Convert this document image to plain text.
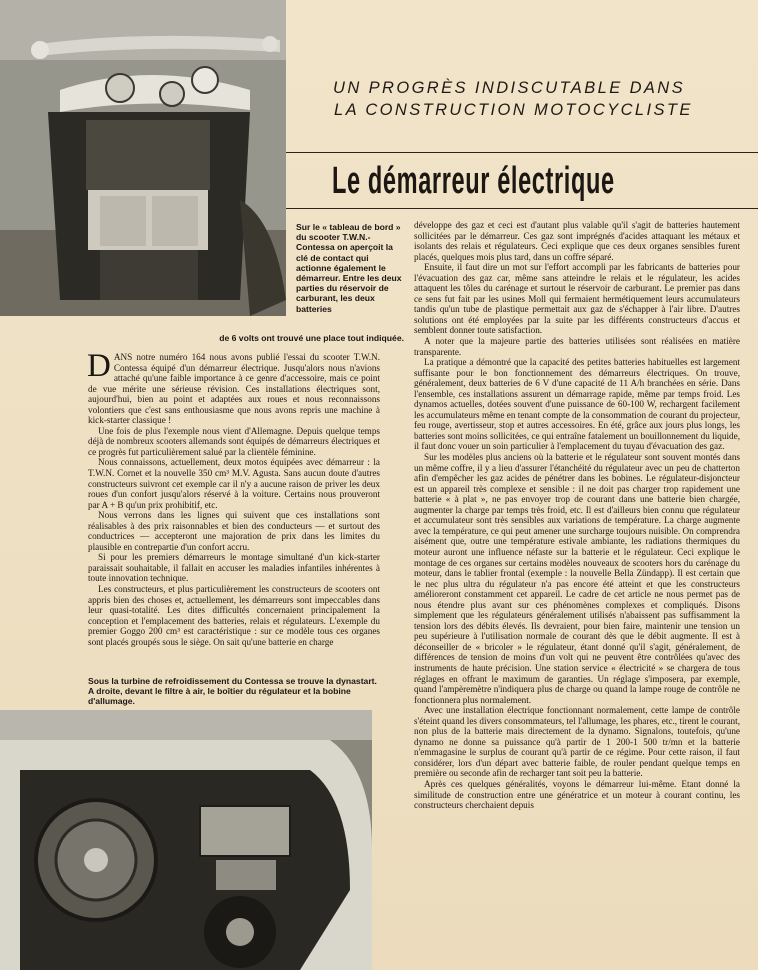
UN PROGRÈS INDISCUTABLE DANS
LA CONSTRUCTION MOTOCYCLISTE
Le démarreur électrique
Sur le « tableau de bord » du scooter T.W.N.-Contessa on aperçoit la clé de contact qui actionne également le démarreur. Entre les deux parties du réservoir de carburant, les deux batteries
de 6 volts ont trouvé une place tout indiquée.

DANS notre numéro 164 nous avons publié l'essai du scooter T.W.N. Contessa équipé d'un démarreur électrique. Jusqu'alors nous n'avions attaché qu'une faible importance à ce genre d'accessoire, mais ce point de vue mérite une sérieuse révision. Ces installations électriques sont, aujourd'hui, bien au point et adaptées aux roues et nous reconnaissons volontiers que c'est sans enthousiasme que nous avons repris une machine à kick-starter classique !

Une fois de plus l'exemple nous vient d'Allemagne. Depuis quelque temps déjà de nombreux scooters allemands sont équipés de démarreurs électriques et ce progrès fut particulièrement salué par la clientèle féminine.

Nous connaissons, actuellement, deux motos équipées avec démarreur : la T.W.N. Cornet et la nouvelle 350 cm³ M.V. Agusta. Sans aucun doute d'autres constructeurs suivront cet exemple car il n'y a aucune raison de priver les deux roues d'un confort jusqu'alors réservé à la voiture. Certains nous prouveront par A + B qu'un prix prohibitif, etc.

Nous verrons dans les lignes qui suivent que ces installations sont réalisables à des prix raisonnables et bien des conducteurs — et surtout des conductrices — accepteront une majoration de prix dans les limites du plausible en contrepartie d'un confort accru.

Si pour les premiers démarreurs le montage simultané d'un kick-starter paraissait souhaitable, il fallait en accuser les maladies infantiles inhérentes à toute innovation technique.

Les constructeurs, et plus particulièrement les constructeurs de scooters ont appris bien des choses et, actuellement, les démarreurs sont impeccables dans leur quasi-totalité. Les dites difficultés concernaient principalement la conception et l'emplacement des batteries, relais et régulateurs. L'exemple du premier Goggo 200 cm³ est caractéristique : sur ce modèle tous ces organes sont placés groupés sous le siège. On sait qu'une batterie en charge

Sous la turbine de refroidissement du Contessa se trouve la dynastart. A droite, devant le filtre à air, le boîtier du régulateur et la bobine d'allumage.

développe des gaz et ceci est d'autant plus valable qu'il s'agit de batteries hautement sollicitées par le démarreur. Ces gaz sont imprégnés d'acides attaquant les métaux et isolants des relais et régulateurs. Ceci explique que ces deux organes sensibles furent placés, quelques mois plus tard, dans un coffre séparé.

Ensuite, il faut dire un mot sur l'effort accompli par les fabricants de batteries pour l'évacuation des gaz car, même sans atteindre le relais et le régulateur, les acides attaquent les tôles du carénage et surtout le réservoir de carburant. Le premier pas dans ce sens fut fait par les usines Moll qui fermaient hermétiquement leurs accumulateurs tandis qu'un tube de plastique permettait aux gaz de s'échapper à l'air libre. D'autres solutions ont été employées par la suite par les différents constructeurs d'accus et semblent donner toute satisfaction.

A noter que la majeure partie des batteries utilisées sont réalisées en matière transparente.

La pratique a démontré que la capacité des petites batteries habituelles est largement suffisante pour le bon fonctionnement des démarreurs électriques. On trouve, généralement, deux batteries de 6 V d'une capacité de 11 A/h branchées en série. Dans l'ensemble, ces installations assurent un démarrage rapide, même par temps froid. Les dynamos actuelles, dotées souvent d'une puissance de 60-100 W, rechargent facilement les accumulateurs même en tenant compte de la consommation de courant du projecteur, feu rouge, avertisseur, stop et autres accessoires. En été, grâce aux jours plus longs, les batteries sont moins sollicitées, ce qui entraîne fatalement un bouillonnement du liquide, il faut donc vouer un soin particulier à l'emplacement du tuyau d'évacuation des gaz.

Sur les modèles plus anciens où la batterie et le régulateur sont souvent montés dans un même coffre, il y a lieu d'assurer l'étanchéité du régulateur avec un peu de chatterton afin d'empêcher les gaz acides de pénétrer dans les bobines. Le régulateur-disjoncteur est un appareil très complexe et sensible : il ne doit pas charger trop rapidement une batterie « à plat », ne pas envoyer trop de courant dans une batterie bien chargée, augmenter la charge par temps très froid, etc. Il est d'ailleurs bien connu que régulateur et accumulateur sont très sensibles aux variations de température. La charge augmente avec la température, ce qui peut amener une surcharge toujours nuisible. On comprendra aisément que, outre une température estivale ambiante, les radiations thermiques du moteur auront une influence néfaste sur la batterie et le régulateur. Ceci explique le montage de ces organes sur certains modèles nouveaux de scooters hors du carénage du moteur, dans le tablier frontal (exemple : la nouvelle Bella Zündapp). Il est certain que le nec plus ultra du régulateur n'a pas encore été atteint et que les constructeurs amélioreront constamment cet appareil. Le cadre de cet article ne nous permet pas de nous étendre plus avant sur ces phénomènes complexes et compliqués. Disons simplement que les régulateurs généralement utilisés n'abaissent pas suffisamment la tension lors des débits élevés. Ils devraient, pour bien faire, maintenir une tension un peu supérieure à l'utilisation normale de courant dès que le débit augmente. Il est à déconseiller de « bricoler » le régulateur, étant donné qu'il s'agit, généralement, de différences de tension de moins d'un volt qui ne peuvent être contrôlées qu'avec des instruments de haute précision. Une station service « électricité » se chargera de tous réglages en offrant le maximum de garanties. Un réglage s'imposera, par exemple, quand l'ampèremètre n'indiquera plus de charge ou quand la lampe rouge de contrôle ne fonctionnera plus normalement.

Avec une installation électrique fonctionnant normalement, cette lampe de contrôle s'éteint quand les divers consommateurs, tel l'allumage, les phares, etc., tirent le courant, non plus de la batterie mais directement de la dynamo. Signalons, toutefois, qu'une dynamo ne donne sa puissance qu'à partir de 1 200-1 500 tr/mn et la batterie n'emmagasine le surplus de courant qu'à partir de ce régime. Pour cette raison, il faut considérer, lors d'un départ avec batterie faible, de rouler pendant quelque temps en première ou seconde afin de recharger tant soit peu la batterie.

Après ces quelques généralités, voyons le démarreur lui-même. Etant donné la similitude de construction entre une génératrice et un moteur à courant continu, les constructeurs cherchaient depuis
